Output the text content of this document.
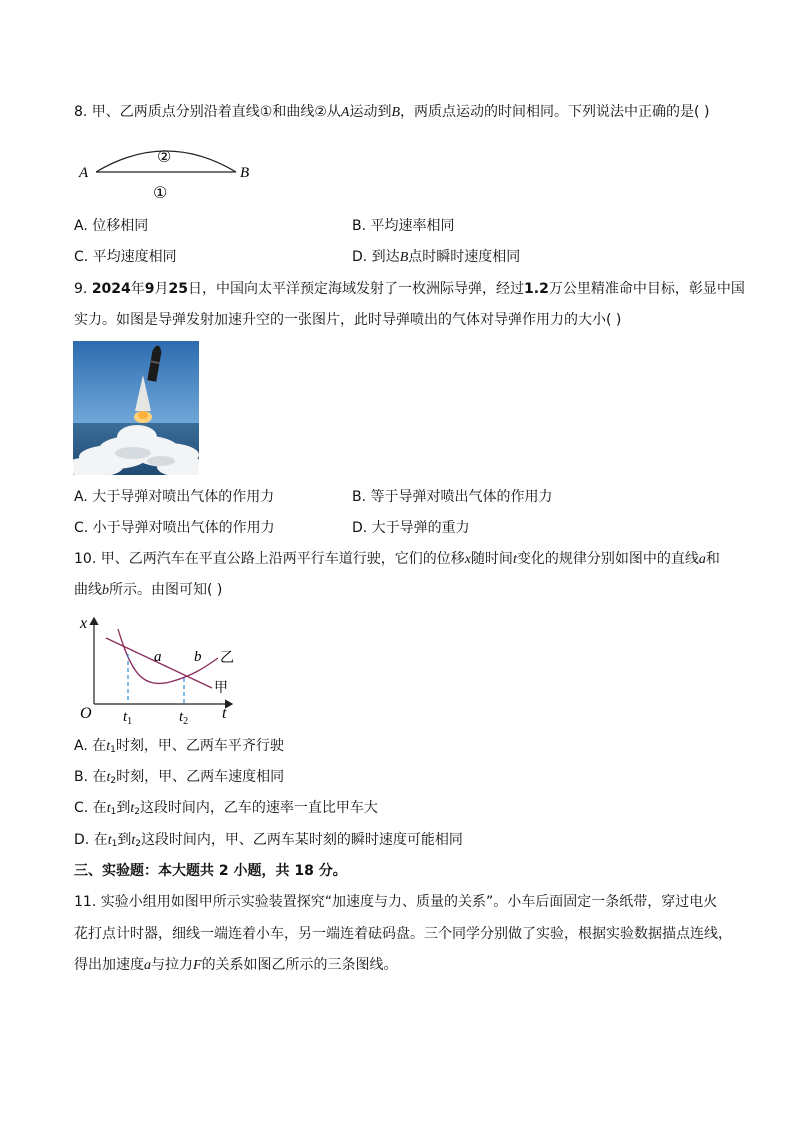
8. 甲、乙两质点分别沿着直线①和曲线②从A运动到B，两质点运动的时间相同。下列说法中正确的是( )
A	B
②
①
A. 位移相同	B. 平均速率相同
C. 平均速度相同	D. 到达B点时瞬时速度相同
9. 2024年9月25日，中国向太平洋预定海域发射了一枚洲际导弹，经过1.2万公里精准命中目标，彰显中国
实力。如图是导弹发射加速升空的一张图片，此时导弹喷出的气体对导弹作用力的大小( )
A. 大于导弹对喷出气体的作用力	B. 等于导弹对喷出气体的作用力
C. 小于导弹对喷出气体的作用力	D. 大于导弹的重力
10. 甲、乙两汽车在平直公路上沿两平行车道行驶，它们的位移x随时间t变化的规律分别如图中的直线a和
曲线b所示。由图可知( )
x
t
O
a b 乙
甲
$t_1$	$t_2$
A. 在$t_1$时刻，甲、乙两车平齐行驶
B. 在$t_2$时刻，甲、乙两车速度相同
C. 在$t_1$到$t_2$这段时间内，乙车的速率一直比甲车大
D. 在$t_1$到$t_2$这段时间内，甲、乙两车某时刻的瞬时速度可能相同
三、实验题：本大题共 2 小题，共 18 分。
11. 实验小组用如图甲所示实验装置探究“加速度与力、质量的关系”。小车后面固定一条纸带，穿过电火
花打点计时器，细线一端连着小车，另一端连着砝码盘。三个同学分别做了实验，根据实验数据描点连线，
得出加速度a与拉力F的关系如图乙所示的三条图线。
